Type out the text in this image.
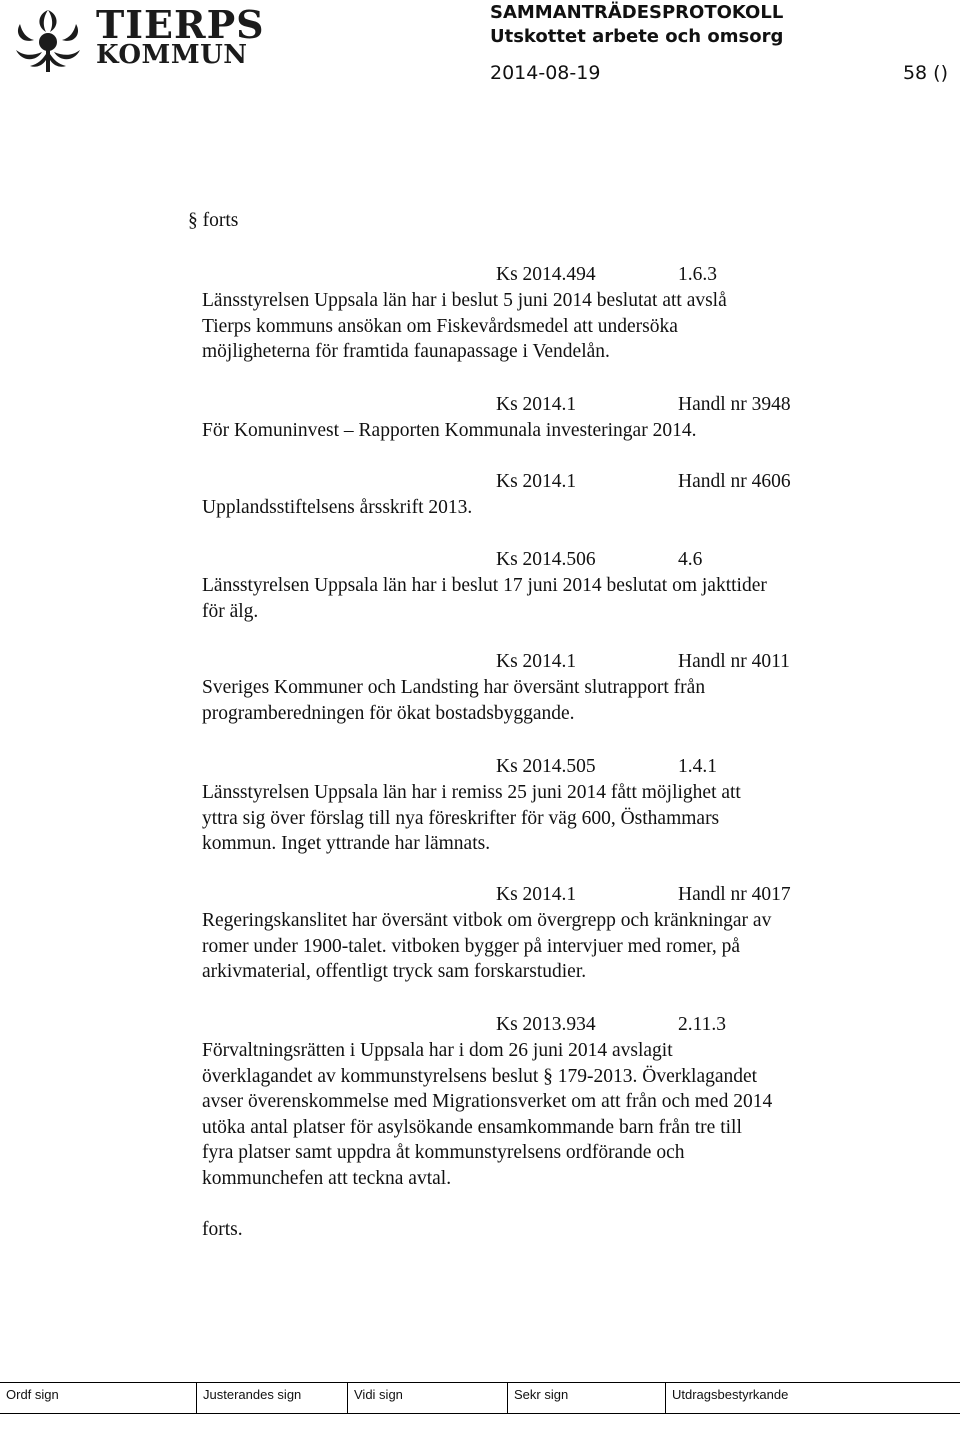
TIERPS
KOMMUN
SAMMANTRÄDESPROTOKOLL
Utskottet arbete och omsorg
2014-08-19	58 ()
§ forts
Ks 2014.494	1.6.3

Länsstyrelsen Uppsala län har i beslut 5 juni 2014 beslutat att avslå

Tierps kommuns ansökan om Fiskevårdsmedel att undersöka

möjligheterna för framtida faunapassage i Vendelån.

Ks 2014.1	Handl nr 3948

För Komuninvest – Rapporten Kommunala investeringar 2014.

Ks 2014.1	Handl nr 4606

Upplandsstiftelsens årsskrift 2013.

Ks 2014.506	4.6

Länsstyrelsen Uppsala län har i beslut 17 juni 2014 beslutat om jakttider

för älg.

Ks 2014.1	Handl nr 4011

Sveriges Kommuner och Landsting har översänt slutrapport från

programberedningen för ökat bostadsbyggande.

Ks 2014.505	1.4.1

Länsstyrelsen Uppsala län har i remiss 25 juni 2014 fått möjlighet att

yttra sig över förslag till nya föreskrifter för väg 600, Östhammars

kommun. Inget yttrande har lämnats.

Ks 2014.1	Handl nr 4017

Regeringskanslitet har översänt vitbok om övergrepp och kränkningar av

romer under 1900-talet. vitboken bygger på intervjuer med romer, på

arkivmaterial, offentligt tryck sam forskarstudier.

Ks 2013.934	2.11.3

Förvaltningsrätten i Uppsala har i dom 26 juni 2014 avslagit

överklagandet av kommunstyrelsens beslut § 179-2013. Överklagandet

avser överenskommelse med Migrationsverket om att från och med 2014

utöka antal platser för asylsökande ensamkommande barn från tre till

fyra platser samt uppdra åt kommunstyrelsens ordförande och

kommunchefen att teckna avtal.

forts.
Ordf sign	Justerandes sign	Vidi sign	Sekr sign	Utdragsbestyrkande
